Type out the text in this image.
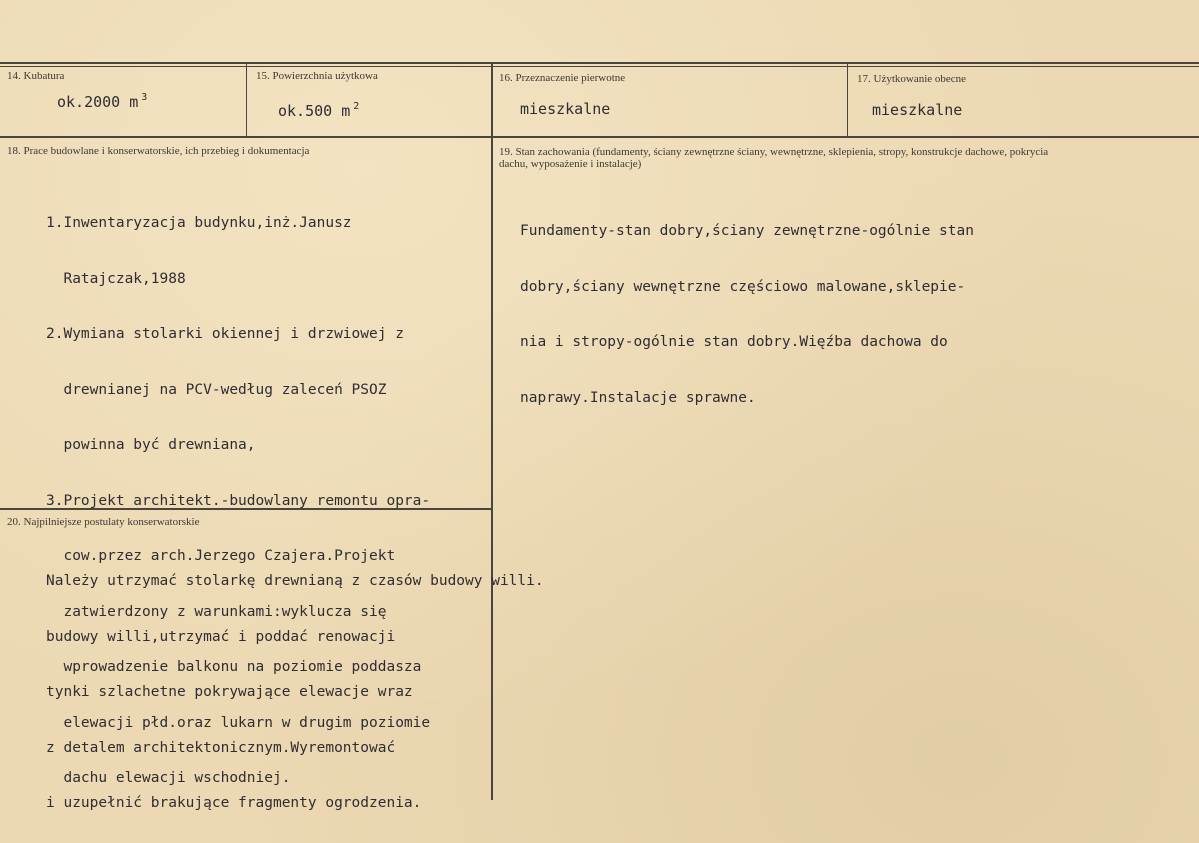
14. Kubatura
ok.2000 m $^3$
15. Powierzchnia użytkowa
ok.500 m $^2$
16. Przeznaczenie pierwotne
mieszkalne
17. Użytkowanie obecne
mieszkalne
18. Prace budowlane i konserwatorskie, ich przebieg i dokumentacja

1.Inwentaryzacja budynku,inż.Janusz

Ratajczak,1988

2.Wymiana stolarki okiennej i drzwiowej z

drewnianej na PCV-według zaleceń PSOZ

powinna być drewniana,

3.Projekt architekt.-budowlany remontu opra-

cow.przez arch.Jerzego Czajera.Projekt

zatwierdzony z warunkami:wyklucza się

wprowadzenie balkonu na poziomie poddasza

elewacji płd.oraz lukarn w drugim poziomie

dachu elewacji wschodniej.

19. Stan zachowania (fundamenty, ściany zewnętrzne ściany, wewnętrzne, sklepienia, stropy, konstrukcje dachowe, pokrycia dachu, wyposażenie i instalacje)

Fundamenty-stan dobry,ściany zewnętrzne-ogólnie stan

dobry,ściany wewnętrzne częściowo malowane,sklepie-

nia i stropy-ogólnie stan dobry.Więźba dachowa do

naprawy.Instalacje sprawne.

20. Najpilniejsze postulaty konserwatorskie

Należy utrzymać stolarkę drewnianą z czasów budowy willi.

budowy willi,utrzymać i poddać renowacji

tynki szlachetne pokrywające elewacje wraz

z detalem architektonicznym.Wyremontować

i uzupełnić brakujące fragmenty ogrodzenia.
